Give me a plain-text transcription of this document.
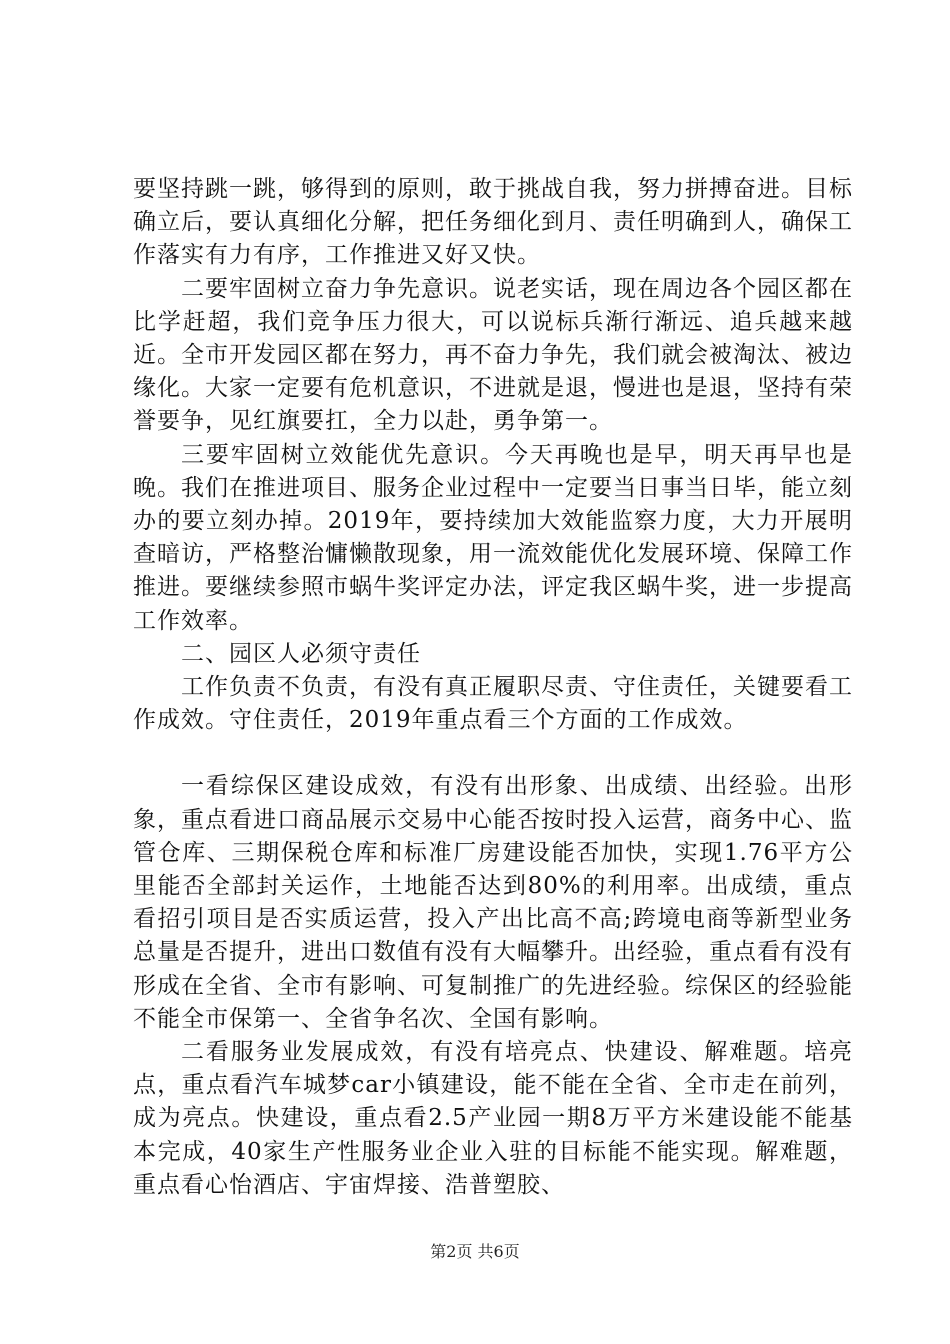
要坚持跳一跳，够得到的原则，敢于挑战自我，努力拼搏奋进。目标确立后，要认真细化分解，把任务细化到月、责任明确到人，确保工作落实有力有序，工作推进又好又快。

二要牢固树立奋力争先意识。说老实话，现在周边各个园区都在比学赶超，我们竞争压力很大，可以说标兵渐行渐远、追兵越来越近。全市开发园区都在努力，再不奋力争先，我们就会被淘汰、被边缘化。大家一定要有危机意识，不进就是退，慢进也是退，坚持有荣誉要争，见红旗要扛，全力以赴，勇争第一。

三要牢固树立效能优先意识。今天再晚也是早，明天再早也是晚。我们在推进项目、服务企业过程中一定要当日事当日毕，能立刻办的要立刻办掉。2019年，要持续加大效能监察力度，大力开展明查暗访，严格整治慵懒散现象，用一流效能优化发展环境、保障工作推进。要继续参照市蜗牛奖评定办法，评定我区蜗牛奖，进一步提高工作效率。

二、园区人必须守责任

工作负责不负责，有没有真正履职尽责、守住责任，关键要看工作成效。守住责任，2019年重点看三个方面的工作成效。

一看综保区建设成效，有没有出形象、出成绩、出经验。出形象，重点看进口商品展示交易中心能否按时投入运营，商务中心、监管仓库、三期保税仓库和标准厂房建设能否加快，实现1.76平方公里能否全部封关运作，土地能否达到80%的利用率。出成绩，重点看招引项目是否实质运营，投入产出比高不高;跨境电商等新型业务总量是否提升，进出口数值有没有大幅攀升。出经验，重点看有没有形成在全省、全市有影响、可复制推广的先进经验。综保区的经验能不能全市保第一、全省争名次、全国有影响。

二看服务业发展成效，有没有培亮点、快建设、解难题。培亮点，重点看汽车城梦car小镇建设，能不能在全省、全市走在前列，成为亮点。快建设，重点看2.5产业园一期8万平方米建设能不能基本完成，40家生产性服务业企业入驻的目标能不能实现。解难题，重点看心怡酒店、宇宙焊接、浩普塑胶、

第2页 共6页
